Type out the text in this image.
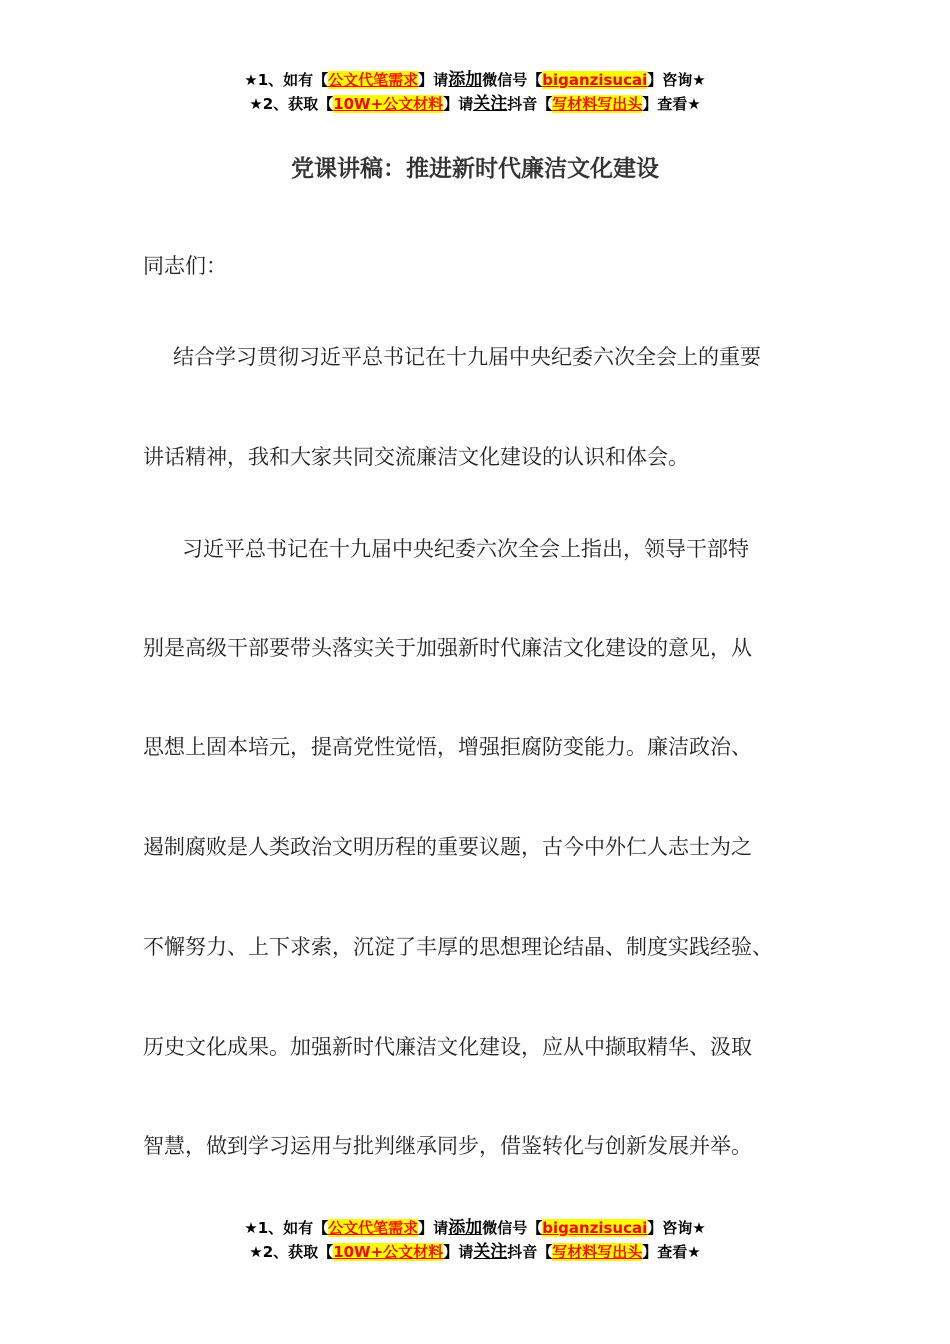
★1、如有【公文代笔需求】请添加微信号【biganzisucai】咨询★
★2、获取【10W+公文材料】请关注抖音【写材料写出头】查看★
党课讲稿：推进新时代廉洁文化建设

同志们：

结合学习贯彻习近平总书记在十九届中央纪委六次全会上的重要

讲话精神，我和大家共同交流廉洁文化建设的认识和体会。

习近平总书记在十九届中央纪委六次全会上指出，领导干部特

别是高级干部要带头落实关于加强新时代廉洁文化建设的意见，从

思想上固本培元，提高党性觉悟，增强拒腐防变能力。廉洁政治、

遏制腐败是人类政治文明历程的重要议题，古今中外仁人志士为之

不懈努力、上下求索，沉淀了丰厚的思想理论结晶、制度实践经验、

历史文化成果。加强新时代廉洁文化建设，应从中撷取精华、汲取

智慧，做到学习运用与批判继承同步，借鉴转化与创新发展并举。

★1、如有【公文代笔需求】请添加微信号【biganzisucai】咨询★
★2、获取【10W+公文材料】请关注抖音【写材料写出头】查看★
